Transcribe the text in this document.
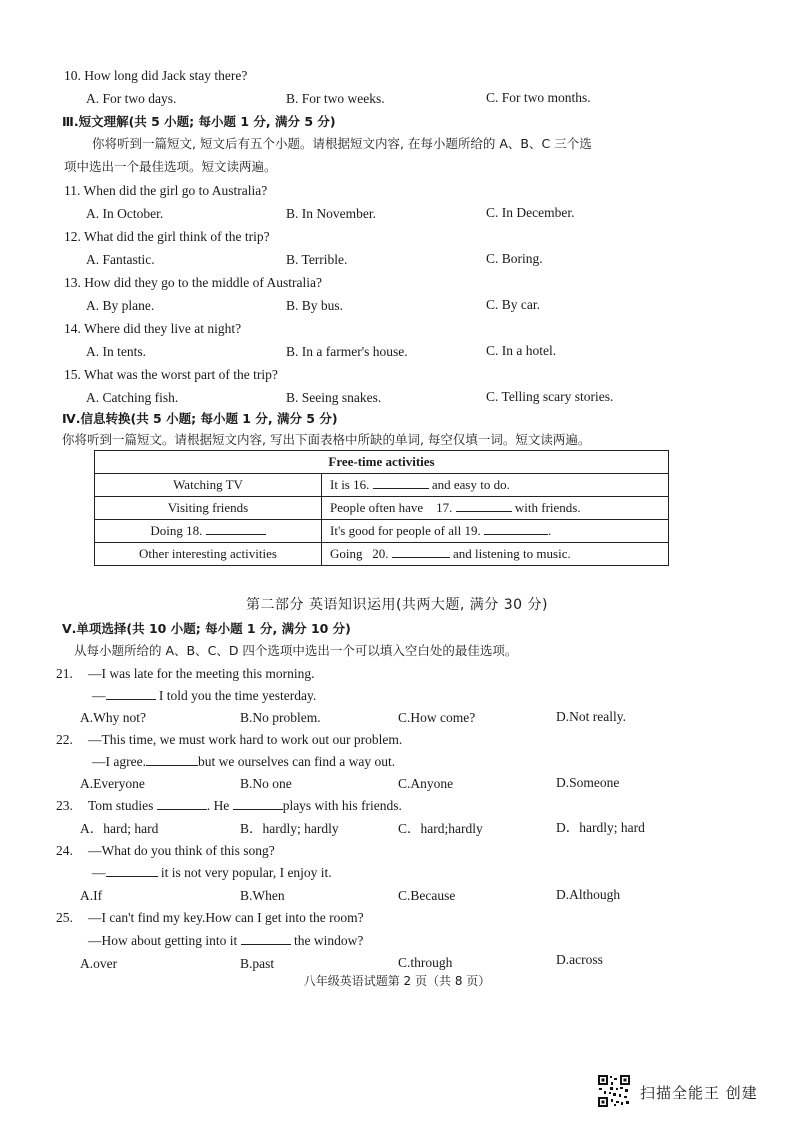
10. How long did Jack stay there?
A. For two days.	B. For two weeks.	C. For two months.
Ⅲ.短文理解(共 5 小题; 每小题 1 分, 满分 5 分)
你将听到一篇短文, 短文后有五个小题。请根据短文内容, 在每小题所给的 A、B、C 三个选
项中选出一个最佳选项。短文读两遍。
11. When did the girl go to Australia?
A. In October.	B. In November.	C. In December.
12. What did the girl think of the trip?
A. Fantastic.	B. Terrible.	C. Boring.
13. How did they go to the middle of Australia?
A. By plane.	B. By bus.	C. By car.
14. Where did they live at night?
A. In tents.	B. In a farmer's house.	C. In a hotel.
15. What was the worst part of the trip?
A. Catching fish.	B. Seeing snakes.	C. Telling scary stories.
Ⅳ.信息转换(共 5 小题; 每小题 1 分, 满分 5 分)
你将听到一篇短文。请根据短文内容, 写出下面表格中所缺的单词, 每空仅填一词。短文读两遍。
Free-time activities	
Watching TV	It is 16. and easy to do.
Visiting friends	People often have 17. with friends.
Doing 18.	It's good for people of all 19. .
Other interesting activities	Going 20. and listening to music.
第二部分 英语知识运用(共两大题, 满分 30 分)
Ⅴ.单项选择(共 10 小题; 每小题 1 分, 满分 10 分)
从每小题所给的 A、B、C、D 四个选项中选出一个可以填入空白处的最佳选项。
21. —I was late for the meeting this morning.
—	I told you the time yesterday.
A.Why not?	B.No problem.	C.How come?	D.Not really.
22. —This time, we must work hard to work out our problem.
—I agree.	but we ourselves can find a way out.
A.Everyone	B.No one	C.Anyone	D.Someone
23. Tom studies	. He	plays with his friends.
A．hard; hard	B．hardly; hardly	C．hard;hardly	D．hardly; hard
24. —What do you think of this song?
—	it is not very popular, I enjoy it.
A.If	B.When	C.Because	D.Although
25. —I can't find my key.How can I get into the room?
—How about getting into it	the window?
A.over	B.past	C.through	D.across
八年级英语试题第 2 页（共 8 页）
扫描全能王 创建
